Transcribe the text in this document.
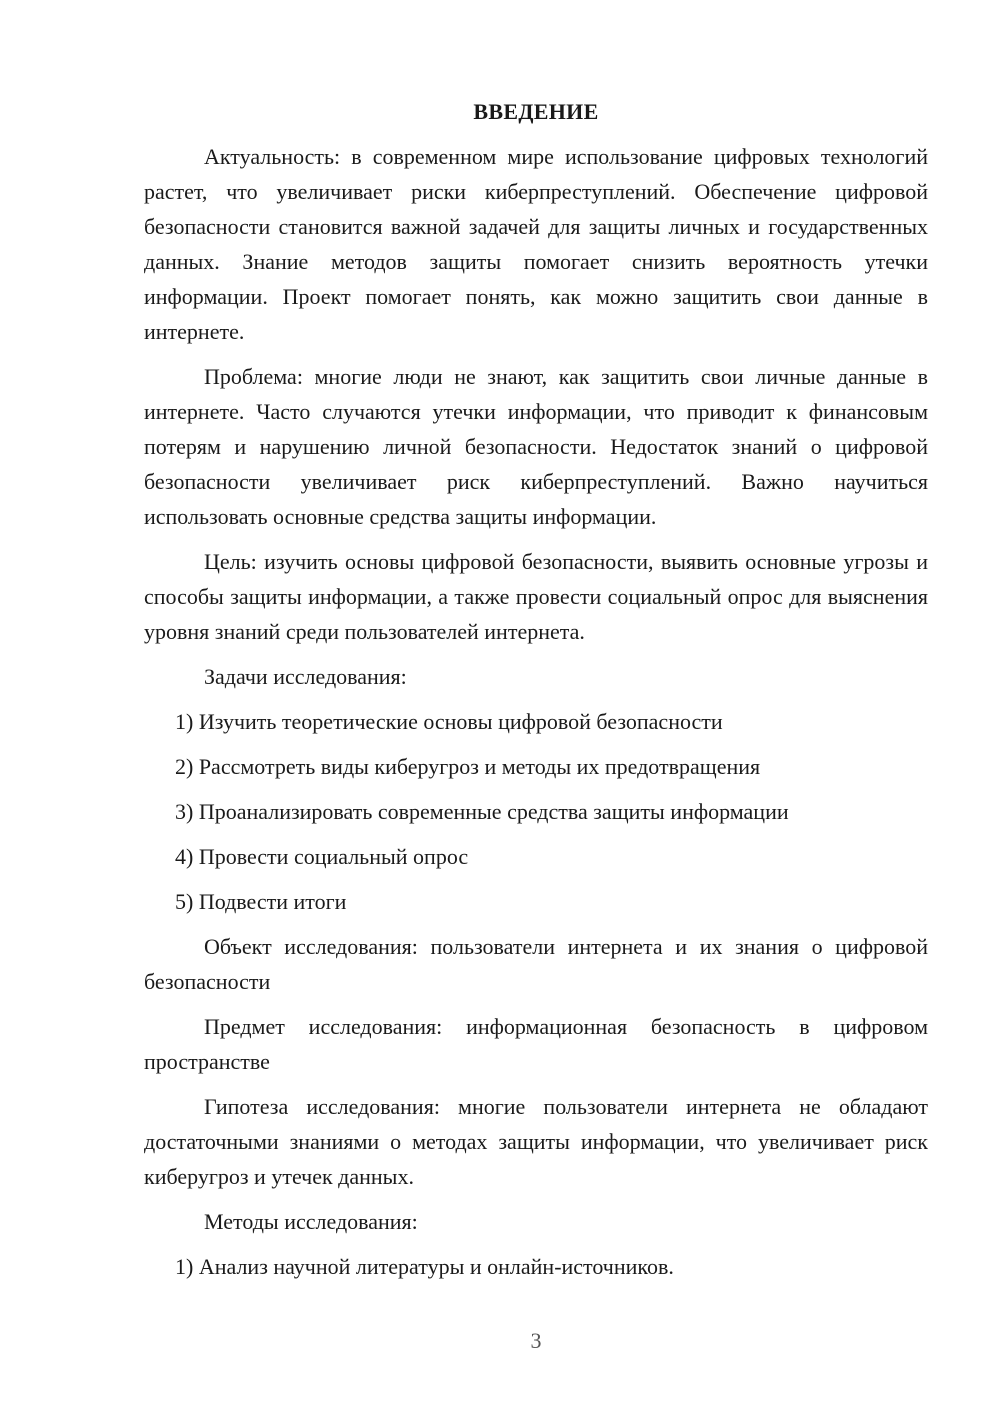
ВВЕДЕНИЕ

Актуальность: в современном мире использование цифровых технологий растет, что увеличивает риски киберпреступлений. Обеспечение цифровой безопасности становится важной задачей для защиты личных и государственных данных. Знание методов защиты помогает снизить вероятность утечки информации. Проект помогает понять, как можно защитить свои данные в интернете.

Проблема: многие люди не знают, как защитить свои личные данные в интернете. Часто случаются утечки информации, что приводит к финансовым потерям и нарушению личной безопасности. Недостаток знаний о цифровой безопасности увеличивает риск киберпреступлений. Важно научиться использовать основные средства защиты информации.

Цель: изучить основы цифровой безопасности, выявить основные угрозы и способы защиты информации, а также провести социальный опрос для выяснения уровня знаний среди пользователей интернета.

Задачи исследования:

1) Изучить теоретические основы цифровой безопасности

2) Рассмотреть виды киберугроз и методы их предотвращения

3) Проанализировать современные средства защиты информации

4) Провести социальный опрос

5) Подвести итоги

Объект исследования: пользователи интернета и их знания о цифровой безопасности

Предмет исследования: информационная безопасность в цифровом пространстве

Гипотеза исследования: многие пользователи интернета не обладают достаточными знаниями о методах защиты информации, что увеличивает риск киберугроз и утечек данных.

Методы исследования:

1) Анализ научной литературы и онлайн-источников.

3
